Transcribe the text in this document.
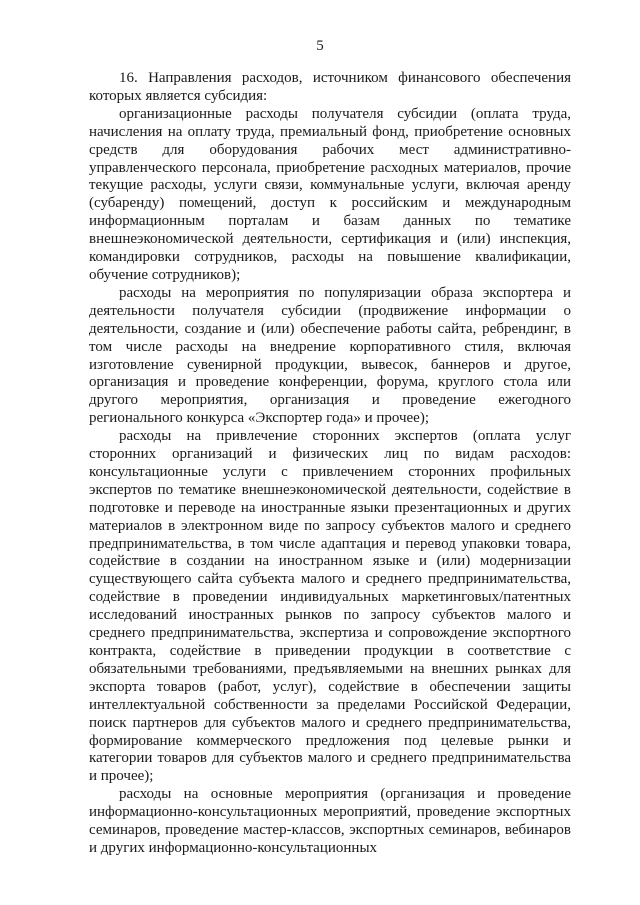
5

16. Направления расходов, источником финансового обеспечения которых является субсидия:

организационные расходы получателя субсидии (оплата труда, начисления на оплату труда, премиальный фонд, приобретение основных средств для оборудования рабочих мест административно-управленческого персонала, приобретение расходных материалов, прочие текущие расходы, услуги связи, коммунальные услуги, включая аренду (субаренду) помещений, доступ к российским и международным информационным порталам и базам данных по тематике внешнеэкономической деятельности, сертификация и (или) инспекция, командировки сотрудников, расходы на повышение квалификации, обучение сотрудников);

расходы на мероприятия по популяризации образа экспортера и деятельности получателя субсидии (продвижение информации о деятельности, создание и (или) обеспечение работы сайта, ребрендинг, в том числе расходы на внедрение корпоративного стиля, включая изготовление сувенирной продукции, вывесок, баннеров и другое, организация и проведение конференции, форума, круглого стола или другого мероприятия, организация и проведение ежегодного регионального конкурса «Экспортер года» и прочее);

расходы на привлечение сторонних экспертов (оплата услуг сторонних организаций и физических лиц по видам расходов: консультационные услуги с привлечением сторонних профильных экспертов по тематике внешнеэкономической деятельности, содействие в подготовке и переводе на иностранные языки презентационных и других материалов в электронном виде по запросу субъектов малого и среднего предпринимательства, в том числе адаптация и перевод упаковки товара, содействие в создании на иностранном языке и (или) модернизации существующего сайта субъекта малого и среднего предпринимательства, содействие в проведении индивидуальных маркетинговых/патентных исследований иностранных рынков по запросу субъектов малого и среднего предпринимательства, экспертиза и сопровождение экспортного контракта, содействие в приведении продукции в соответствие с обязательными требованиями, предъявляемыми на внешних рынках для экспорта товаров (работ, услуг), содействие в обеспечении защиты интеллектуальной собственности за пределами Российской Федерации, поиск партнеров для субъектов малого и среднего предпринимательства, формирование коммерческого предложения под целевые рынки и категории товаров для субъектов малого и среднего предпринимательства и прочее);

расходы на основные мероприятия (организация и проведение информационно-консультационных мероприятий, проведение экспортных семинаров, проведение мастер-классов, экспортных семинаров, вебинаров и других информационно-консультационных
